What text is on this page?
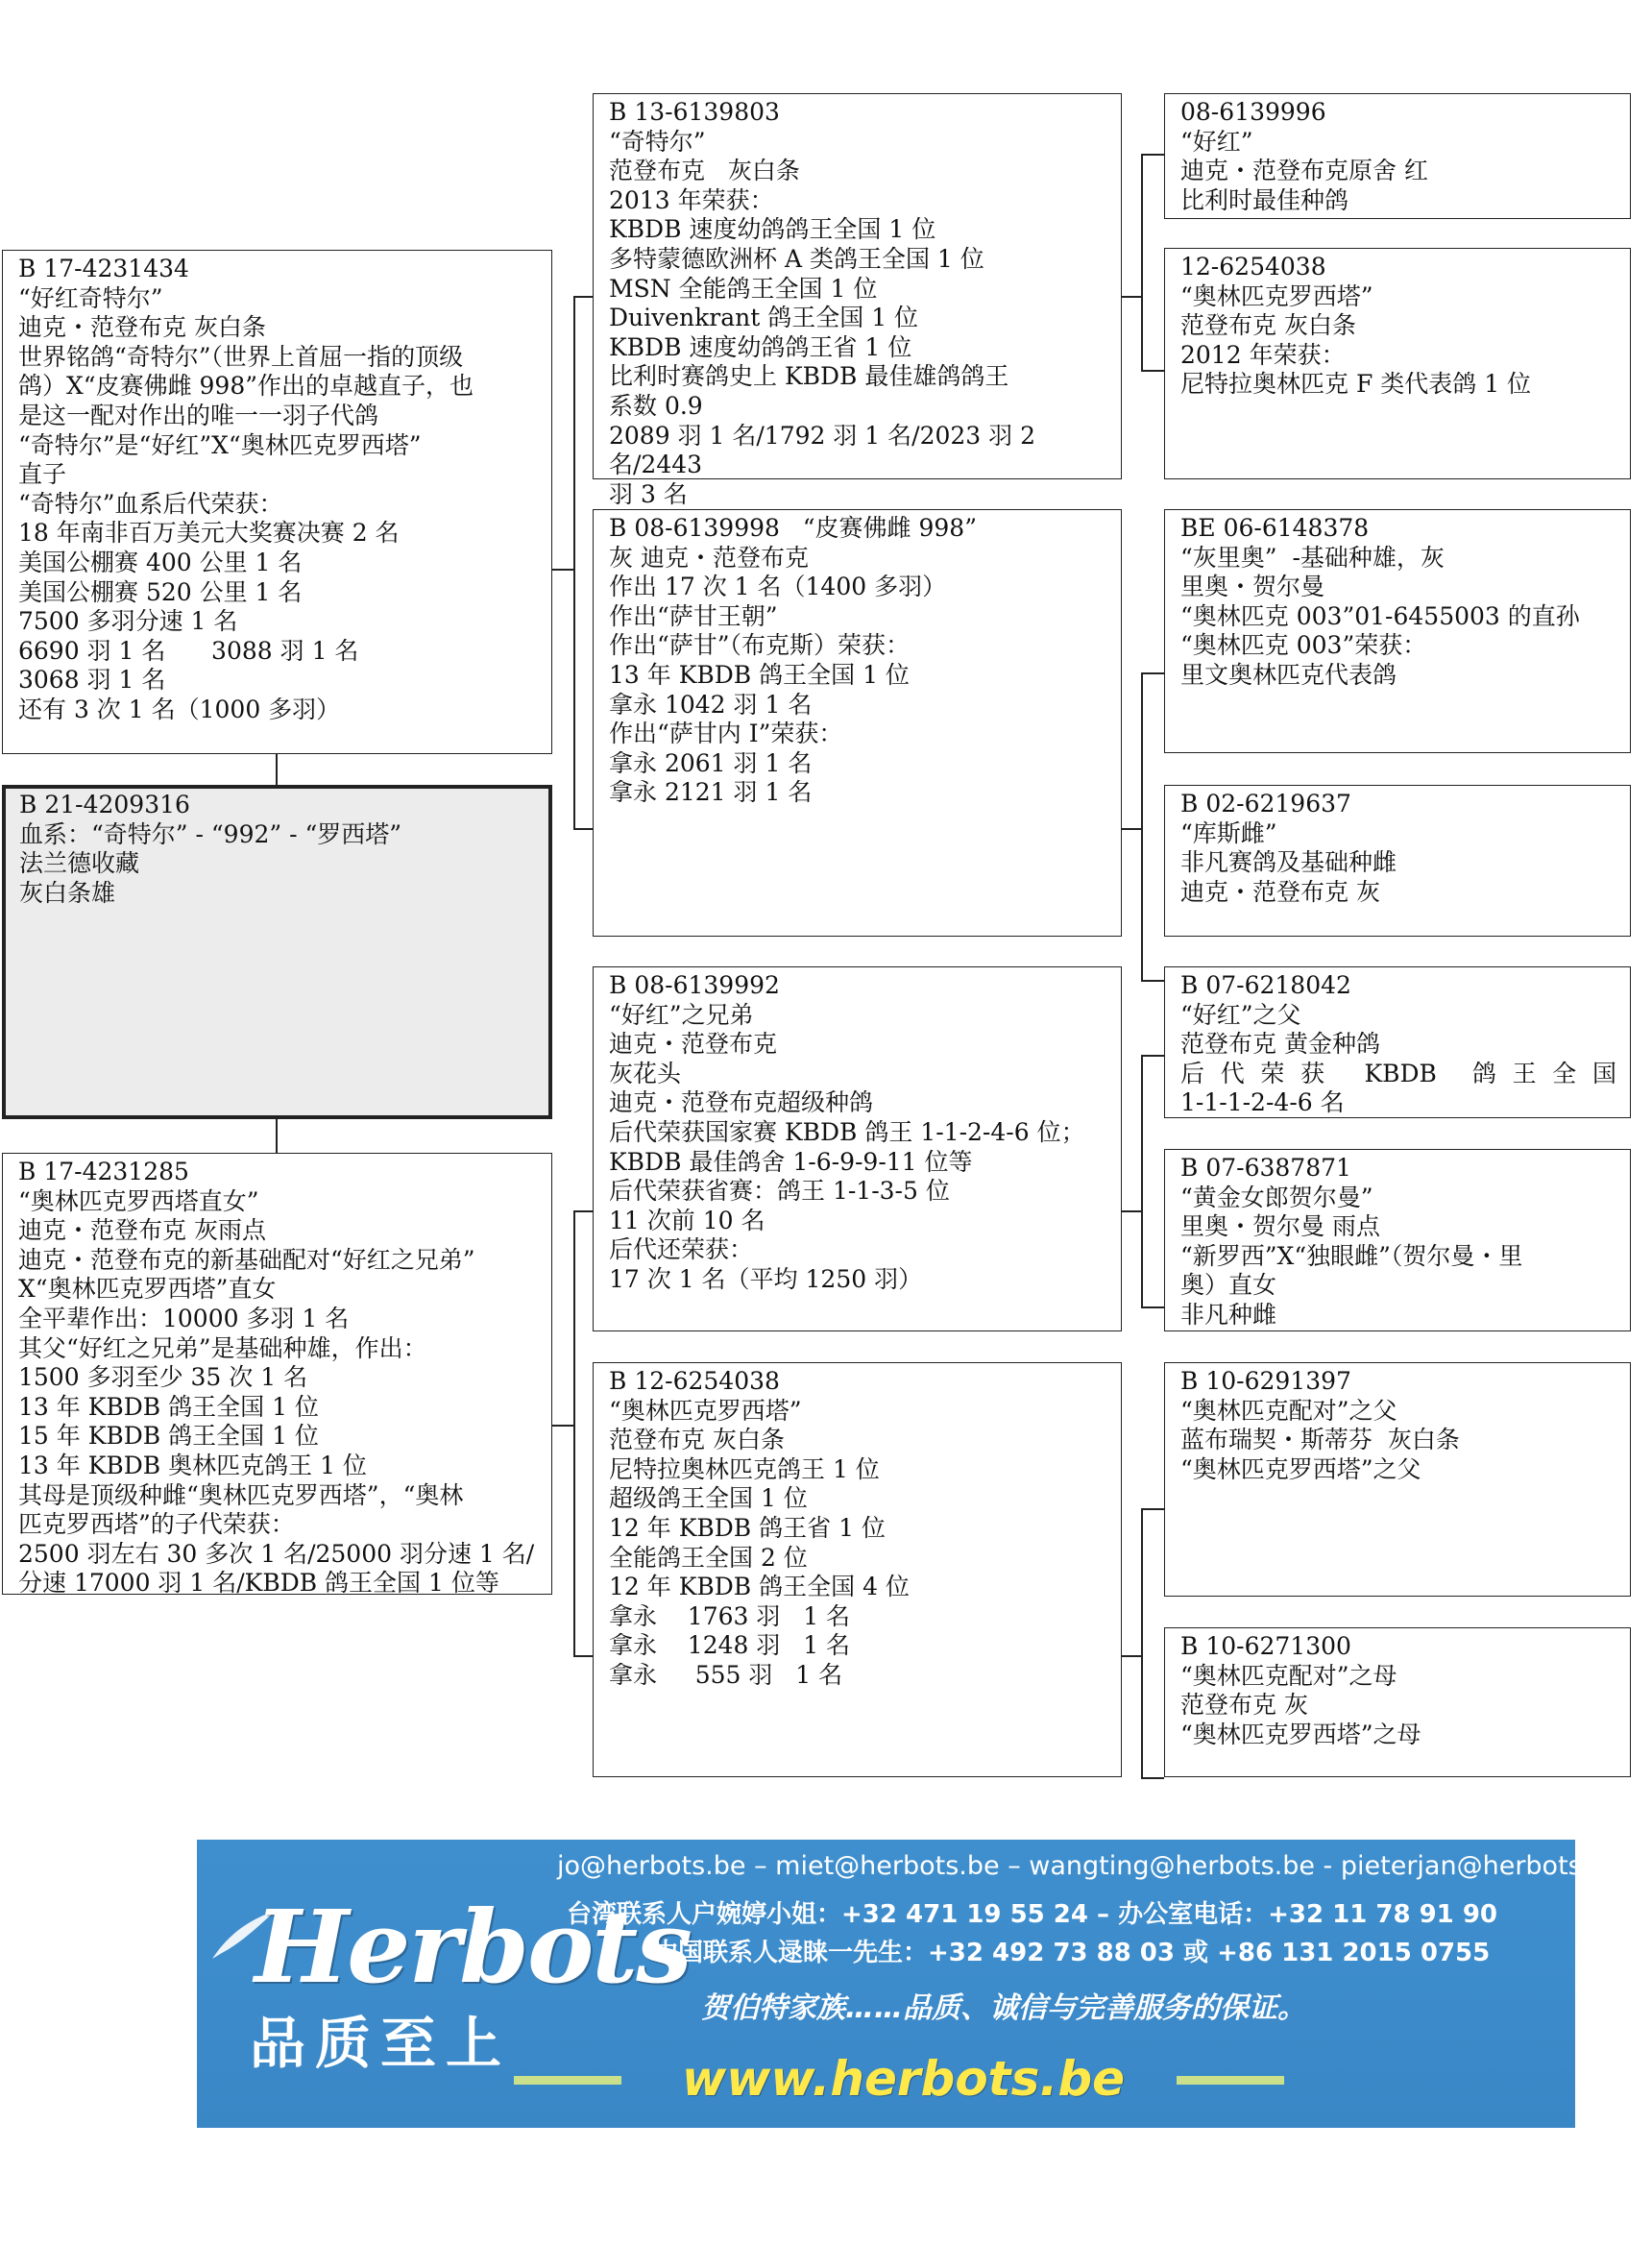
B 17-4231434
“好红奇特尔”
迪克・范登布克 灰白条
世界铭鸽“奇特尔”（世界上首屈一指的顶级
鸽）X“皮赛佛雌 998”作出的卓越直子，也
是这一配对作出的唯一一羽子代鸽
“奇特尔”是“好红”X“奥林匹克罗西塔”
直子
“奇特尔”血系后代荣获：
18 年南非百万美元大奖赛决赛 2 名
美国公棚赛 400 公里 1 名
美国公棚赛 520 公里 1 名
7500 多羽分速 1 名
6690 羽 1 名      3088 羽 1 名
3068 羽 1 名
还有 3 次 1 名（1000 多羽）
B 21-4209316
血系：“奇特尔” - “992” - “罗西塔”
法兰德收藏
灰白条雄
B 17-4231285
“奥林匹克罗西塔直女”
迪克・范登布克 灰雨点
迪克・范登布克的新基础配对“好红之兄弟”
X“奥林匹克罗西塔”直女
全平辈作出：10000 多羽 1 名
其父“好红之兄弟”是基础种雄，作出：
1500 多羽至少 35 次 1 名
13 年 KBDB 鸽王全国 1 位
15 年 KBDB 鸽王全国 1 位
13 年 KBDB 奥林匹克鸽王 1 位
其母是顶级种雌“奥林匹克罗西塔”，“奥林
匹克罗西塔”的子代荣获：
2500 羽左右 30 多次 1 名/25000 羽分速 1 名/
分速 17000 羽 1 名/KBDB 鸽王全国 1 位等
B 13-6139803
“奇特尔”
范登布克   灰白条
2013 年荣获：
KBDB 速度幼鸽鸽王全国 1 位
多特蒙德欧洲杯 A 类鸽王全国 1 位
MSN 全能鸽王全国 1 位
Duivenkrant 鸽王全国 1 位
KBDB 速度幼鸽鸽王省 1 位
比利时赛鸽史上 KBDB 最佳雄鸽鸽王
系数 0.9
2089 羽 1 名/1792 羽 1 名/2023 羽 2 名/2443
羽 3 名
B 08-6139998   “皮赛佛雌 998”
灰 迪克・范登布克
作出 17 次 1 名（1400 多羽）
作出“萨甘王朝”
作出“萨甘”（布克斯）荣获：
13 年 KBDB 鸽王全国 1 位
拿永 1042 羽 1 名
作出“萨甘内 I”荣获：
拿永 2061 羽 1 名
拿永 2121 羽 1 名
B 08-6139992
“好红”之兄弟
迪克・范登布克
灰花头
迪克・范登布克超级种鸽
后代荣获国家赛 KBDB 鸽王 1-1-2-4-6 位；
KBDB 最佳鸽舍 1-6-9-9-11 位等
后代荣获省赛：鸽王 1-1-3-5 位
11 次前 10 名
后代还荣获：
17 次 1 名（平均 1250 羽）
B 12-6254038
“奥林匹克罗西塔”
范登布克 灰白条
尼特拉奥林匹克鸽王 1 位
超级鸽王全国 1 位
12 年 KBDB 鸽王省 1 位
全能鸽王全国 2 位
12 年 KBDB 鸽王全国 4 位
拿永    1763 羽   1 名
拿永    1248 羽   1 名
拿永     555 羽   1 名
08-6139996
“好红”
迪克・范登布克原舍 红
比利时最佳种鸽
12-6254038
“奥林匹克罗西塔”
范登布克 灰白条
2012 年荣获：
尼特拉奥林匹克 F 类代表鸽 1 位
BE 06-6148378
“灰里奥”  -基础种雄，灰
里奥・贺尔曼
“奥林匹克 003”01-6455003 的直孙
“奥林匹克 003”荣获：
里文奥林匹克代表鸽
B 02-6219637
“库斯雌”
非凡赛鸽及基础种雌
迪克・范登布克 灰
B 07-6218042
“好红”之父
范登布克 黄金种鸽
后 代 荣 获   KBDB   鸽 王 全 国
1-1-1-2-4-6 名
B 07-6387871
“黄金女郎贺尔曼”
里奥・贺尔曼 雨点
“新罗西”X“独眼雌”（贺尔曼・里
奥）直女
非凡种雌
B 10-6291397
“奥林匹克配对”之父
蓝布瑞契・斯蒂芬  灰白条
“奥林匹克罗西塔”之父
B 10-6271300
“奥林匹克配对”之母
范登布克 灰
“奥林匹克罗西塔”之母
Herbots
品质至上
jo@herbots.be – miet@herbots.be – wangting@herbots.be - pieterjan@herbots.be
台湾联系人户婉婷小姐：+32 471 19 55 24 – 办公室电话：+32 11 78 91 90
中国联系人逯睐一先生：+32 492 73 88 03 或 +86 131 2015 0755
贺伯特家族……品质、诚信与完善服务的保证。
www.herbots.be
